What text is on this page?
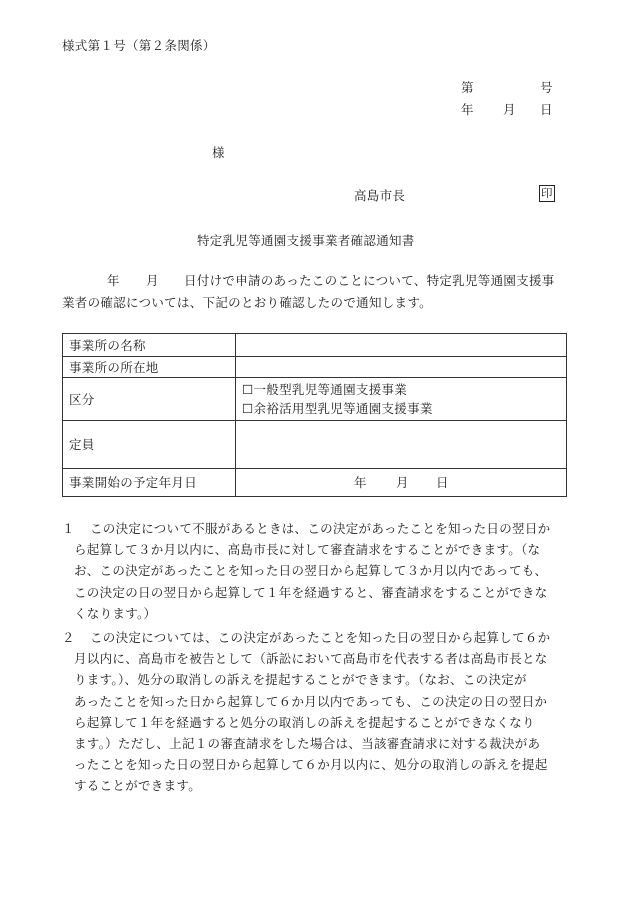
様式第１号（第２条関係）
第	号
年 月 日
様
高島市長	印
特定乳児等通園支援事業者確認通知書
年 月 日付けで申請のあったこのことについて、特定乳児等通園支援事
業者の確認については、下記のとおり確認したので通知します。
事業所の名称	
事業所の所在地	
区分	☐一般型乳児等通園支援事業
☐余裕活用型乳児等通園支援事業

定員	
事業開始の予定年月日	年 月 日
１	この決定について不服があるときは、この決定があったことを知った日の翌日か
ら起算して３か月以内に、高島市長に対して審査請求をすることができます。（な
お、この決定があったことを知った日の翌日から起算して３か月以内であっても、
この決定の日の翌日から起算して１年を経過すると、審査請求をすることができな
くなります。）
２	この決定については、この決定があったことを知った日の翌日から起算して６か
月以内に、高島市を被告として（訴訟において高島市を代表する者は高島市長とな
ります。）、処分の取消しの訴えを提起することができます。（なお、この決定が
あったことを知った日から起算して６か月以内であっても、この決定の日の翌日か
ら起算して１年を経過すると処分の取消しの訴えを提起することができなくなり
ます。）ただし、上記１の審査請求をした場合は、当該審査請求に対する裁決があ
ったことを知った日の翌日から起算して６か月以内に、処分の取消しの訴えを提起
することができます。
